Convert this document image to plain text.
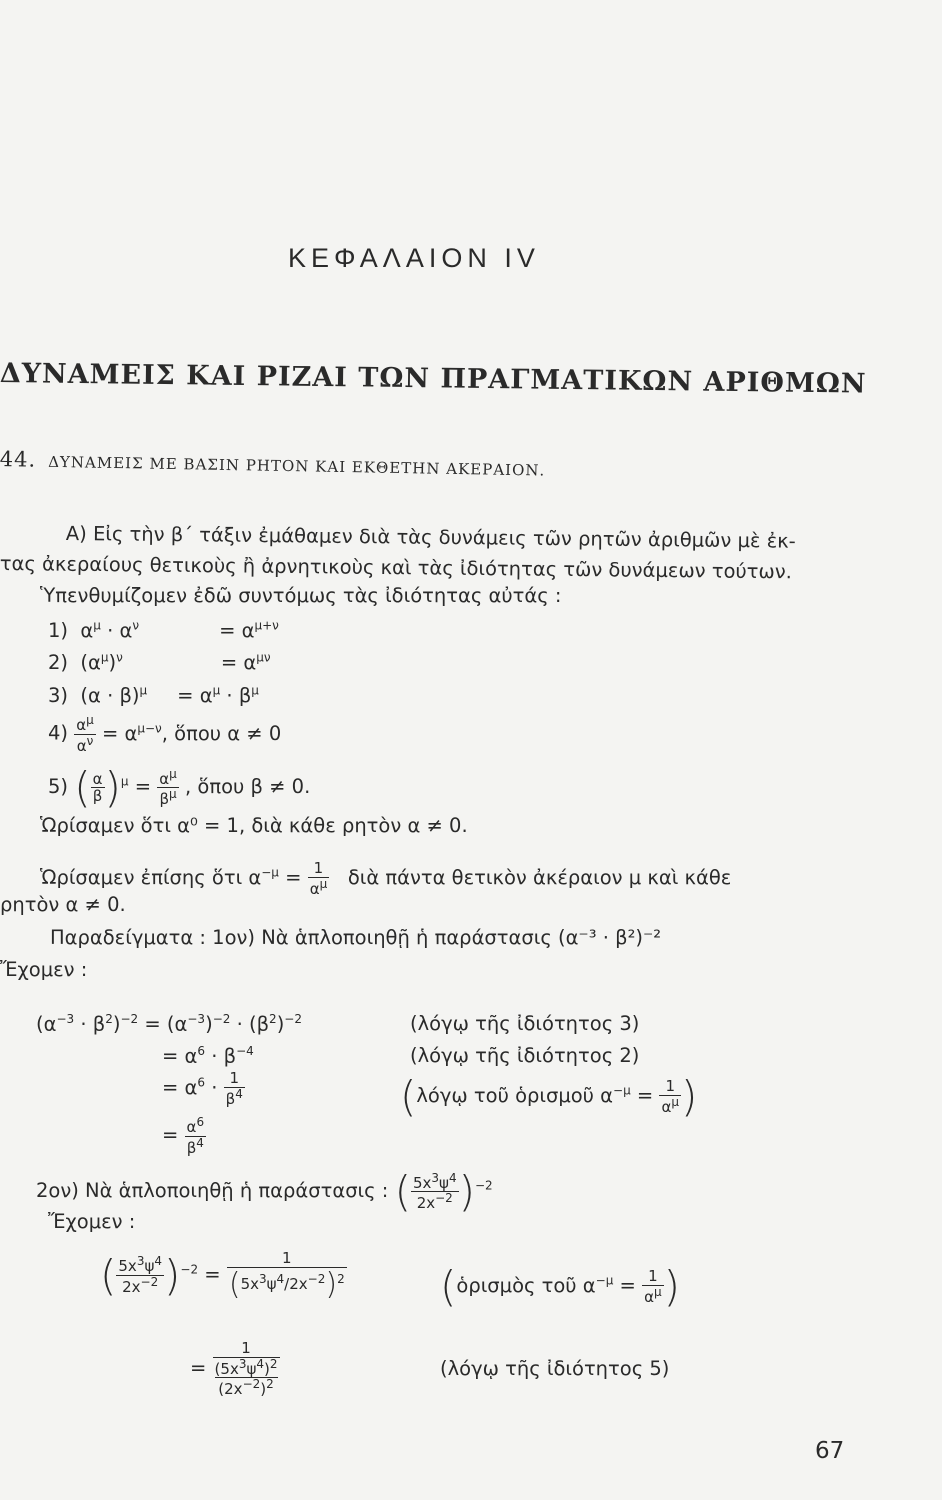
ΚΕΦΑΛΑΙΟΝ IV
ΔΥΝΑΜΕΙΣ ΚΑΙ ΡΙΖΑΙ ΤΩΝ ΠΡΑΓΜΑΤΙΚΩΝ ΑΡΙΘΜΩΝ
44. ΔΥΝΑΜΕΙΣ ΜΕ ΒΑΣΙΝ ΡΗΤΟΝ ΚΑΙ ΕΚΘΕΤΗΝ ΑΚΕΡΑΙΟΝ.
Α) Εἰς τὴν β΄ τάξιν ἐμάθαμεν διὰ τὰς δυνάμεις τῶν ρητῶν ἀριθμῶν μὲ ἐκ-
τας ἀκεραίους θετικοὺς ἢ ἀρνητικοὺς καὶ τὰς ἰδιότητας τῶν δυνάμεων τούτων.
Ὑπενθυμίζομεν ἐδῶ συντόμως τὰς ἰδιότητας αὐτάς :
1)  $\alpha^\mu \cdot \alpha^\nu$	= $\alpha^{\mu+\nu}$
2)  $(\alpha^\mu)^\nu$	= $\alpha^{\mu\nu}$
3)  $(\alpha \cdot \beta)^\mu = \alpha^\mu \cdot \beta^\mu$
$4) \frac{\alpha^\mu}{\alpha^\nu} = \alpha^{\mu-\nu}$, ὅπου α ≠ 0
5) ( $\frac{\alpha}{\beta} )^\mu = \frac{\alpha^\mu}{\beta^\mu}$ , ὅπου β ≠ 0.
Ὡρίσαμεν ὅτι α⁰ = 1, διὰ κάθε ρητὸν α ≠ 0.
Ὡρίσαμεν ἐπίσης ὅτι $\alpha^{-\mu} = \frac{1}{\alpha^\mu}$ διὰ πάντα θετικὸν ἀκέραιον μ καὶ κάθε
ρητὸν α ≠ 0.
Παραδείγματα : 1ον) Νὰ ἁπλοποιηθῇ ἡ παράστασις (α⁻³ · β²)⁻²
Ἔχομεν :
$(\alpha^{-3} \cdot \beta^2)^{-2} = (\alpha^{-3})^{-2} \cdot (\beta^2)^{-2}$
= $\alpha^6 \cdot \beta^{-4}$
= $\alpha^6 \cdot \frac{1}{\beta^4}$
= $\frac{\alpha^6}{\beta^4}$
(λόγῳ τῆς ἰδιότητος 3)
(λόγῳ τῆς ἰδιότητος 2)
(λόγῳ τοῦ ὁρισμοῦ $\alpha^{-\mu} = \frac{1}{\alpha^\mu}$ )
2ον) Νὰ ἁπλοποιηθῇ ἡ παράστασις : ( $\frac{5x^3\psi^4}{2x^{-2}} )^{-2}$
Ἔχομεν :
( $\frac{5x^3\psi^4}{2x^{-2}} )^{-2} = \frac{1}{(5x^3\psi^4/2x^{-2})^2}$
= 1
$(5x^3\psi^4)^2$
$(2x^{-2})^2$
(ὁρισμὸς τοῦ $\alpha^{-\mu} = \frac{1}{\alpha^\mu}$ )
(λόγῳ τῆς ἰδιότητος 5)
67
